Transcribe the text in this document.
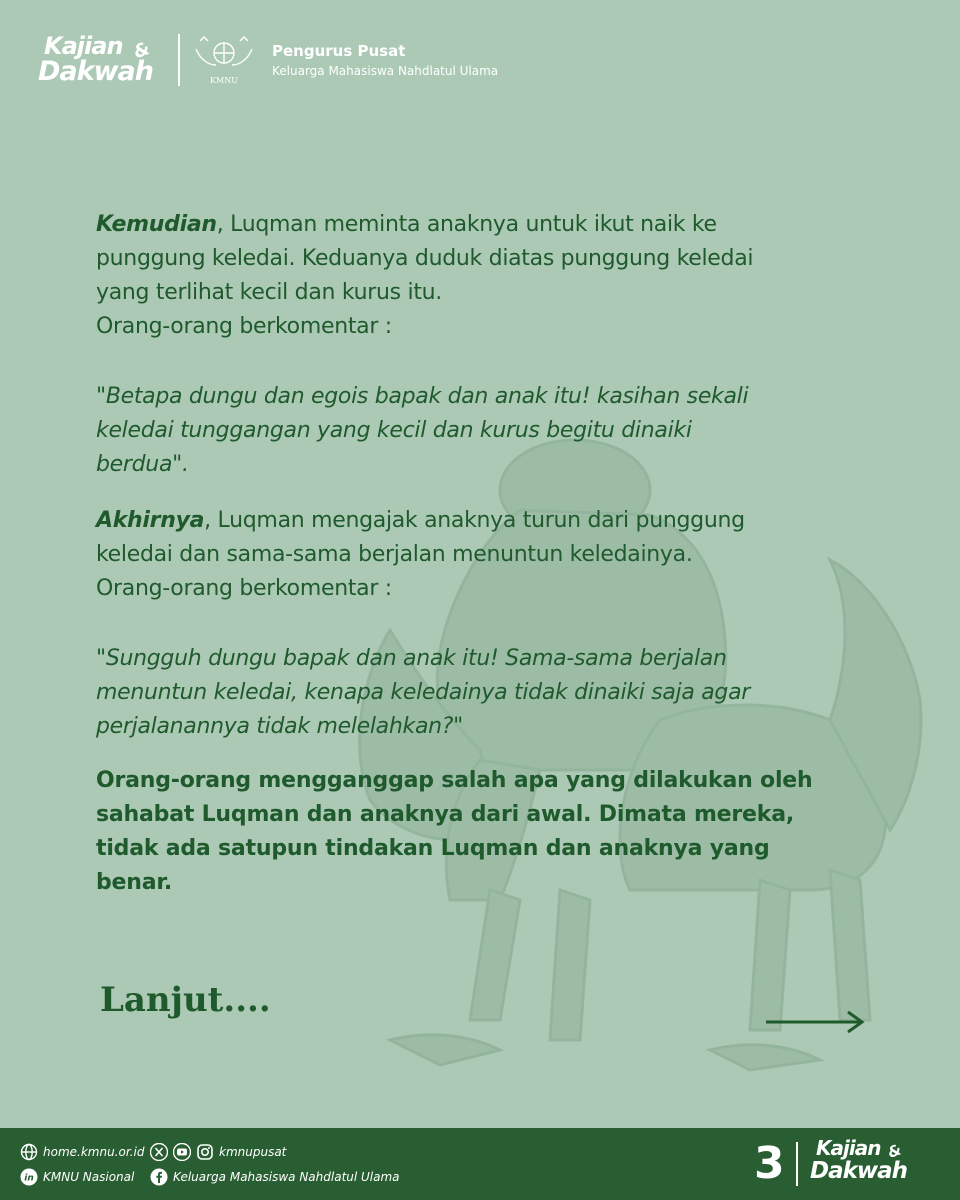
Kajian &
Dakwah	KMNU
Pengurus Pusat
Keluarga Mahasiswa Nahdlatul Ulama

Kemudian, Luqman meminta anaknya untuk ikut naik ke
punggung keledai. Keduanya duduk diatas punggung keledai
yang terlihat kecil dan kurus itu.
Orang-orang berkomentar :

"Betapa dungu dan egois bapak dan anak itu! kasihan sekali
keledai tunggangan yang kecil dan kurus begitu dinaiki
berdua".

Akhirnya, Luqman mengajak anaknya turun dari punggung
keledai dan sama-sama berjalan menuntun keledainya.
Orang-orang berkomentar :

"Sungguh dungu bapak dan anak itu! Sama-sama berjalan
menuntun keledai, kenapa keledainya tidak dinaiki saja agar
perjalanannya tidak melelahkan?"

Orang-orang mengganggap salah apa yang dilakukan oleh
sahabat Luqman dan anaknya dari awal. Dimata mereka,
tidak ada satupun tindakan Luqman dan anaknya yang
benar.

Lanjut....
home.kmnu.or.id
in KMNU Nasional
kmnupusat
Keluarga Mahasiswa Nahdlatul Ulama	3 Kajian &
Dakwah
